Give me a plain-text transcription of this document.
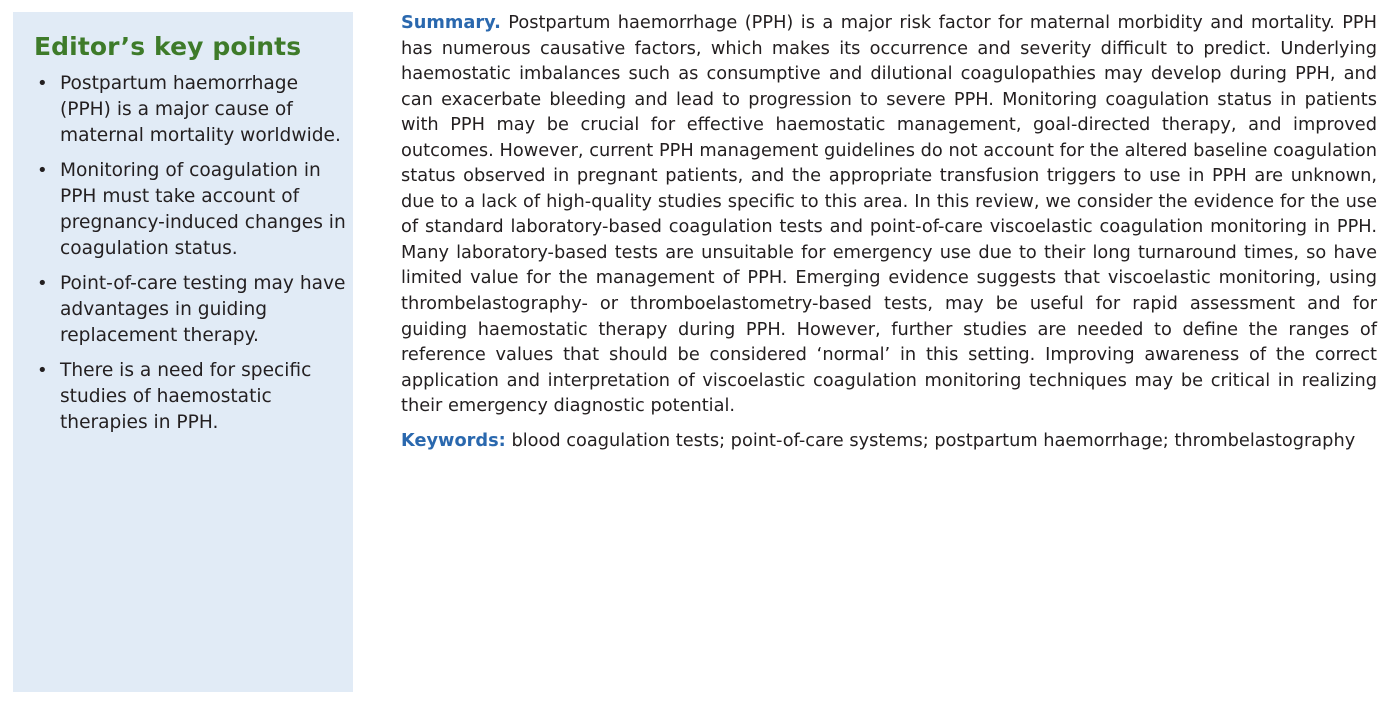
Editor’s key points
• Postpartum haemorrhage (PPH) is a major cause of maternal mortality worldwide.
• Monitoring of coagulation in PPH must take account of pregnancy-induced changes in coagulation status.
• Point-of-care testing may have advantages in guiding replacement therapy.
• There is a need for specific studies of haemostatic therapies in PPH.

Summary. Postpartum haemorrhage (PPH) is a major risk factor for maternal morbidity and mortality. PPH has numerous causative factors, which makes its occurrence and severity difficult to predict. Underlying haemostatic imbalances such as consumptive and dilutional coagulopathies may develop during PPH, and can exacerbate bleeding and lead to progression to severe PPH. Monitoring coagulation status in patients with PPH may be crucial for effective haemostatic management, goal-directed therapy, and improved outcomes. However, current PPH management guidelines do not account for the altered baseline coagulation status observed in pregnant patients, and the appropriate transfusion triggers to use in PPH are unknown, due to a lack of high-quality studies specific to this area. In this review, we consider the evidence for the use of standard laboratory-based coagulation tests and point-of-care viscoelastic coagulation monitoring in PPH. Many laboratory-based tests are unsuitable for emergency use due to their long turnaround times, so have limited value for the management of PPH. Emerging evidence suggests that viscoelastic monitoring, using thrombelastography- or thromboelastometry-based tests, may be useful for rapid assessment and for guiding haemostatic therapy during PPH. However, further studies are needed to define the ranges of reference values that should be considered ‘normal’ in this setting. Improving awareness of the correct application and interpretation of viscoelastic coagulation monitoring techniques may be critical in realizing their emergency diagnostic potential.

Keywords: blood coagulation tests; point-of-care systems; postpartum haemorrhage; thrombelastography
